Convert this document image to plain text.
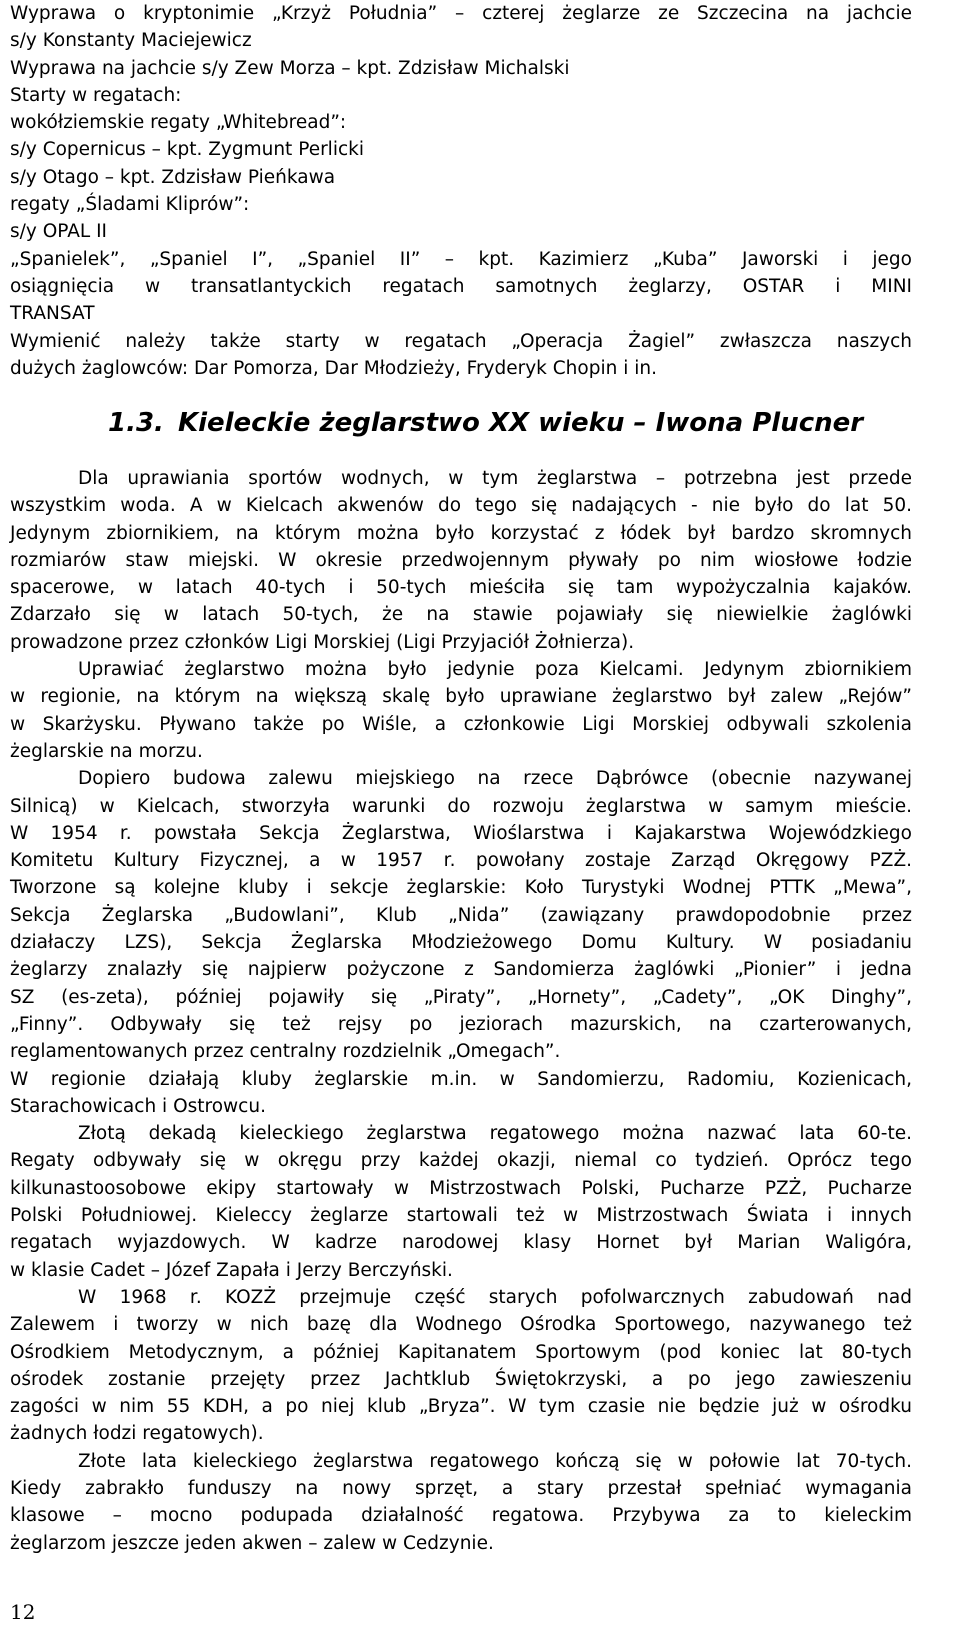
Wyprawa o kryptonimie „Krzyż Południa” – czterej żeglarze ze Szczecina na jachcie
s/y Konstanty Maciejewicz
Wyprawa na jachcie s/y Zew Morza – kpt. Zdzisław Michalski
Starty w regatach:
wokółziemskie regaty „Whitebread”:
s/y Copernicus – kpt. Zygmunt Perlicki
s/y Otago – kpt. Zdzisław Pieńkawa
regaty „Śladami Kliprów”:
s/y OPAL II
„Spanielek”, „Spaniel I”, „Spaniel II” – kpt. Kazimierz „Kuba” Jaworski i jego
osiągnięcia w transatlantyckich regatach samotnych żeglarzy, OSTAR i MINI
TRANSAT
Wymienić należy także starty w regatach „Operacja Żagiel” zwłaszcza naszych
dużych żaglowców: Dar Pomorza, Dar Młodzieży, Fryderyk Chopin i in.
1.3. Kieleckie żeglarstwo XX wieku – Iwona Plucner
Dla uprawiania sportów wodnych, w tym żeglarstwa – potrzebna jest przede
wszystkim woda. A w Kielcach akwenów do tego się nadających - nie było do lat 50.
Jedynym zbiornikiem, na którym można było korzystać z łódek był bardzo skromnych
rozmiarów staw miejski. W okresie przedwojennym pływały po nim wiosłowe łodzie
spacerowe, w latach 40-tych i 50-tych mieściła się tam wypożyczalnia kajaków.
Zdarzało się w latach 50-tych, że na stawie pojawiały się niewielkie żaglówki
prowadzone przez członków Ligi Morskiej (Ligi Przyjaciół Żołnierza).
Uprawiać żeglarstwo można było jedynie poza Kielcami. Jedynym zbiornikiem
w regionie, na którym na większą skalę było uprawiane żeglarstwo był zalew „Rejów”
w Skarżysku. Pływano także po Wiśle, a członkowie Ligi Morskiej odbywali szkolenia
żeglarskie na morzu.
Dopiero budowa zalewu miejskiego na rzece Dąbrówce (obecnie nazywanej
Silnicą) w Kielcach, stworzyła warunki do rozwoju żeglarstwa w samym mieście.
W 1954 r. powstała Sekcja Żeglarstwa, Wioślarstwa i Kajakarstwa Wojewódzkiego
Komitetu Kultury Fizycznej, a w 1957 r. powołany zostaje Zarząd Okręgowy PZŻ.
Tworzone są kolejne kluby i sekcje żeglarskie: Koło Turystyki Wodnej PTTK „Mewa”,
Sekcja Żeglarska „Budowlani”, Klub „Nida” (zawiązany prawdopodobnie przez
działaczy LZS), Sekcja Żeglarska Młodzieżowego Domu Kultury. W posiadaniu
żeglarzy znalazły się najpierw pożyczone z Sandomierza żaglówki „Pionier” i jedna
SZ (es-zeta), później pojawiły się „Piraty”, „Hornety”, „Cadety”, „OK Dinghy”,
„Finny”. Odbywały się też rejsy po jeziorach mazurskich, na czarterowanych,
reglamentowanych przez centralny rozdzielnik „Omegach”.
W regionie działają kluby żeglarskie m.in. w Sandomierzu, Radomiu, Kozienicach,
Starachowicach i Ostrowcu.
Złotą dekadą kieleckiego żeglarstwa regatowego można nazwać lata 60-te.
Regaty odbywały się w okręgu przy każdej okazji, niemal co tydzień. Oprócz tego
kilkunastoosobowe ekipy startowały w Mistrzostwach Polski, Pucharze PZŻ, Pucharze
Polski Południowej. Kieleccy żeglarze startowali też w Mistrzostwach Świata i innych
regatach wyjazdowych. W kadrze narodowej klasy Hornet był Marian Waligóra,
w klasie Cadet – Józef Zapała i Jerzy Berczyński.
W 1968 r. KOZŻ przejmuje część starych pofolwarcznych zabudowań nad
Zalewem i tworzy w nich bazę dla Wodnego Ośrodka Sportowego, nazywanego też
Ośrodkiem Metodycznym, a później Kapitanatem Sportowym (pod koniec lat 80-tych
ośrodek zostanie przejęty przez Jachtklub Świętokrzyski, a po jego zawieszeniu
zagości w nim 55 KDH, a po niej klub „Bryza”. W tym czasie nie będzie już w ośrodku
żadnych łodzi regatowych).
Złote lata kieleckiego żeglarstwa regatowego kończą się w połowie lat 70-tych.
Kiedy zabrakło funduszy na nowy sprzęt, a stary przestał spełniać wymagania
klasowe – mocno podupada działalność regatowa. Przybywa za to kieleckim
żeglarzom jeszcze jeden akwen – zalew w Cedzynie.
12
